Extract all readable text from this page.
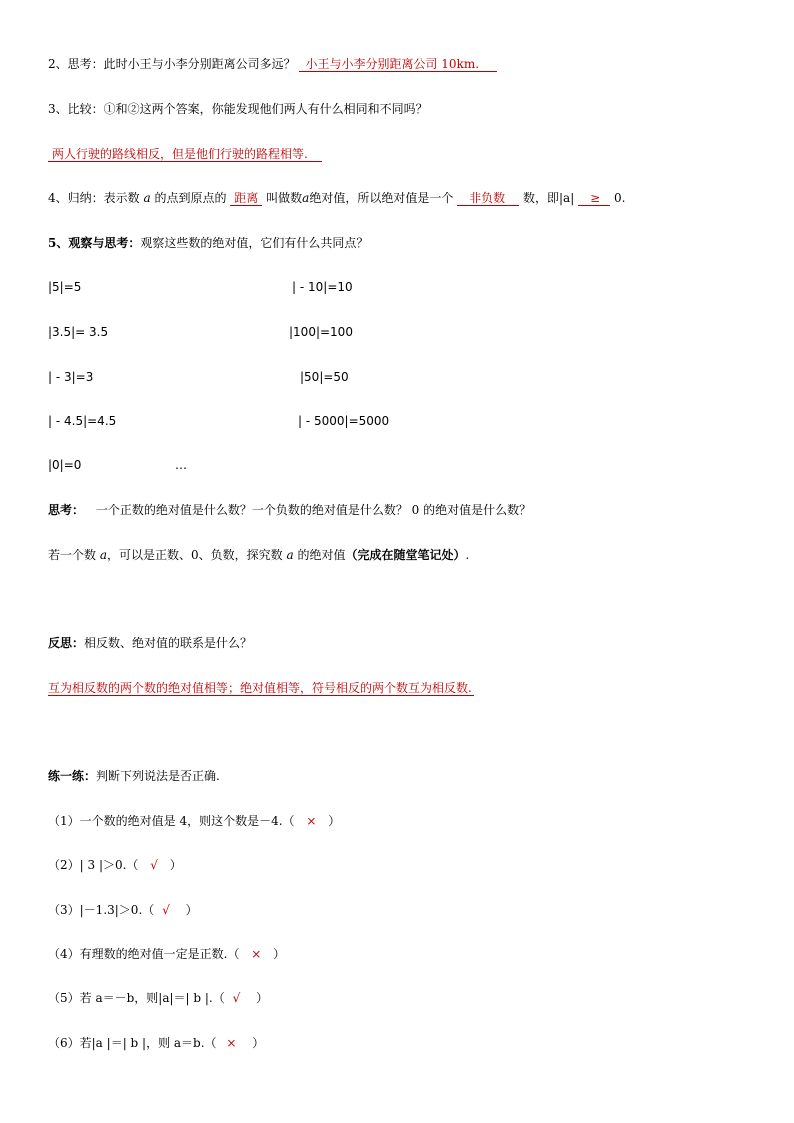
2、思考：此时小王与小李分别距离公司多远？ 小王与小李分别距离公司 10km.
3、比较：①和②这两个答案，你能发现他们两人有什么相同和不同吗？
两人行驶的路线相反，但是他们行驶的路程相等.
4、归纳：表示数 a 的点到原点的 距离 叫做数a绝对值，所以绝对值是一个 非负数 数，即|a| ≥ 0.
5、观察与思考：观察这些数的绝对值，它们有什么共同点？
|5|=5
|3.5|= 3.5
| - 3|=3
| - 4.5|=4.5
|0|=0
| - 10|=10
|100|=100
|50|=50
| - 5000|=5000
…
思考： 一个正数的绝对值是什么数？一个负数的绝对值是什么数？ 0 的绝对值是什么数？
若一个数 a，可以是正数、0、负数，探究数 a 的绝对值（完成在随堂笔记处）.
反思：相反数、绝对值的联系是什么？
互为相反数的两个数的绝对值相等；绝对值相等，符号相反的两个数互为相反数.
练一练：判断下列说法是否正确.
（1）一个数的绝对值是 4，则这个数是－4.（ × ）
（2）| 3 |＞0.（ √ ）
（3）|－1.3|＞0.（ √ ）
（4）有理数的绝对值一定是正数.（ × ）
（5）若 a＝－b，则|a|＝| b |.（ √ ）
（6）若|a |＝| b |，则 a＝b.（ × ）
